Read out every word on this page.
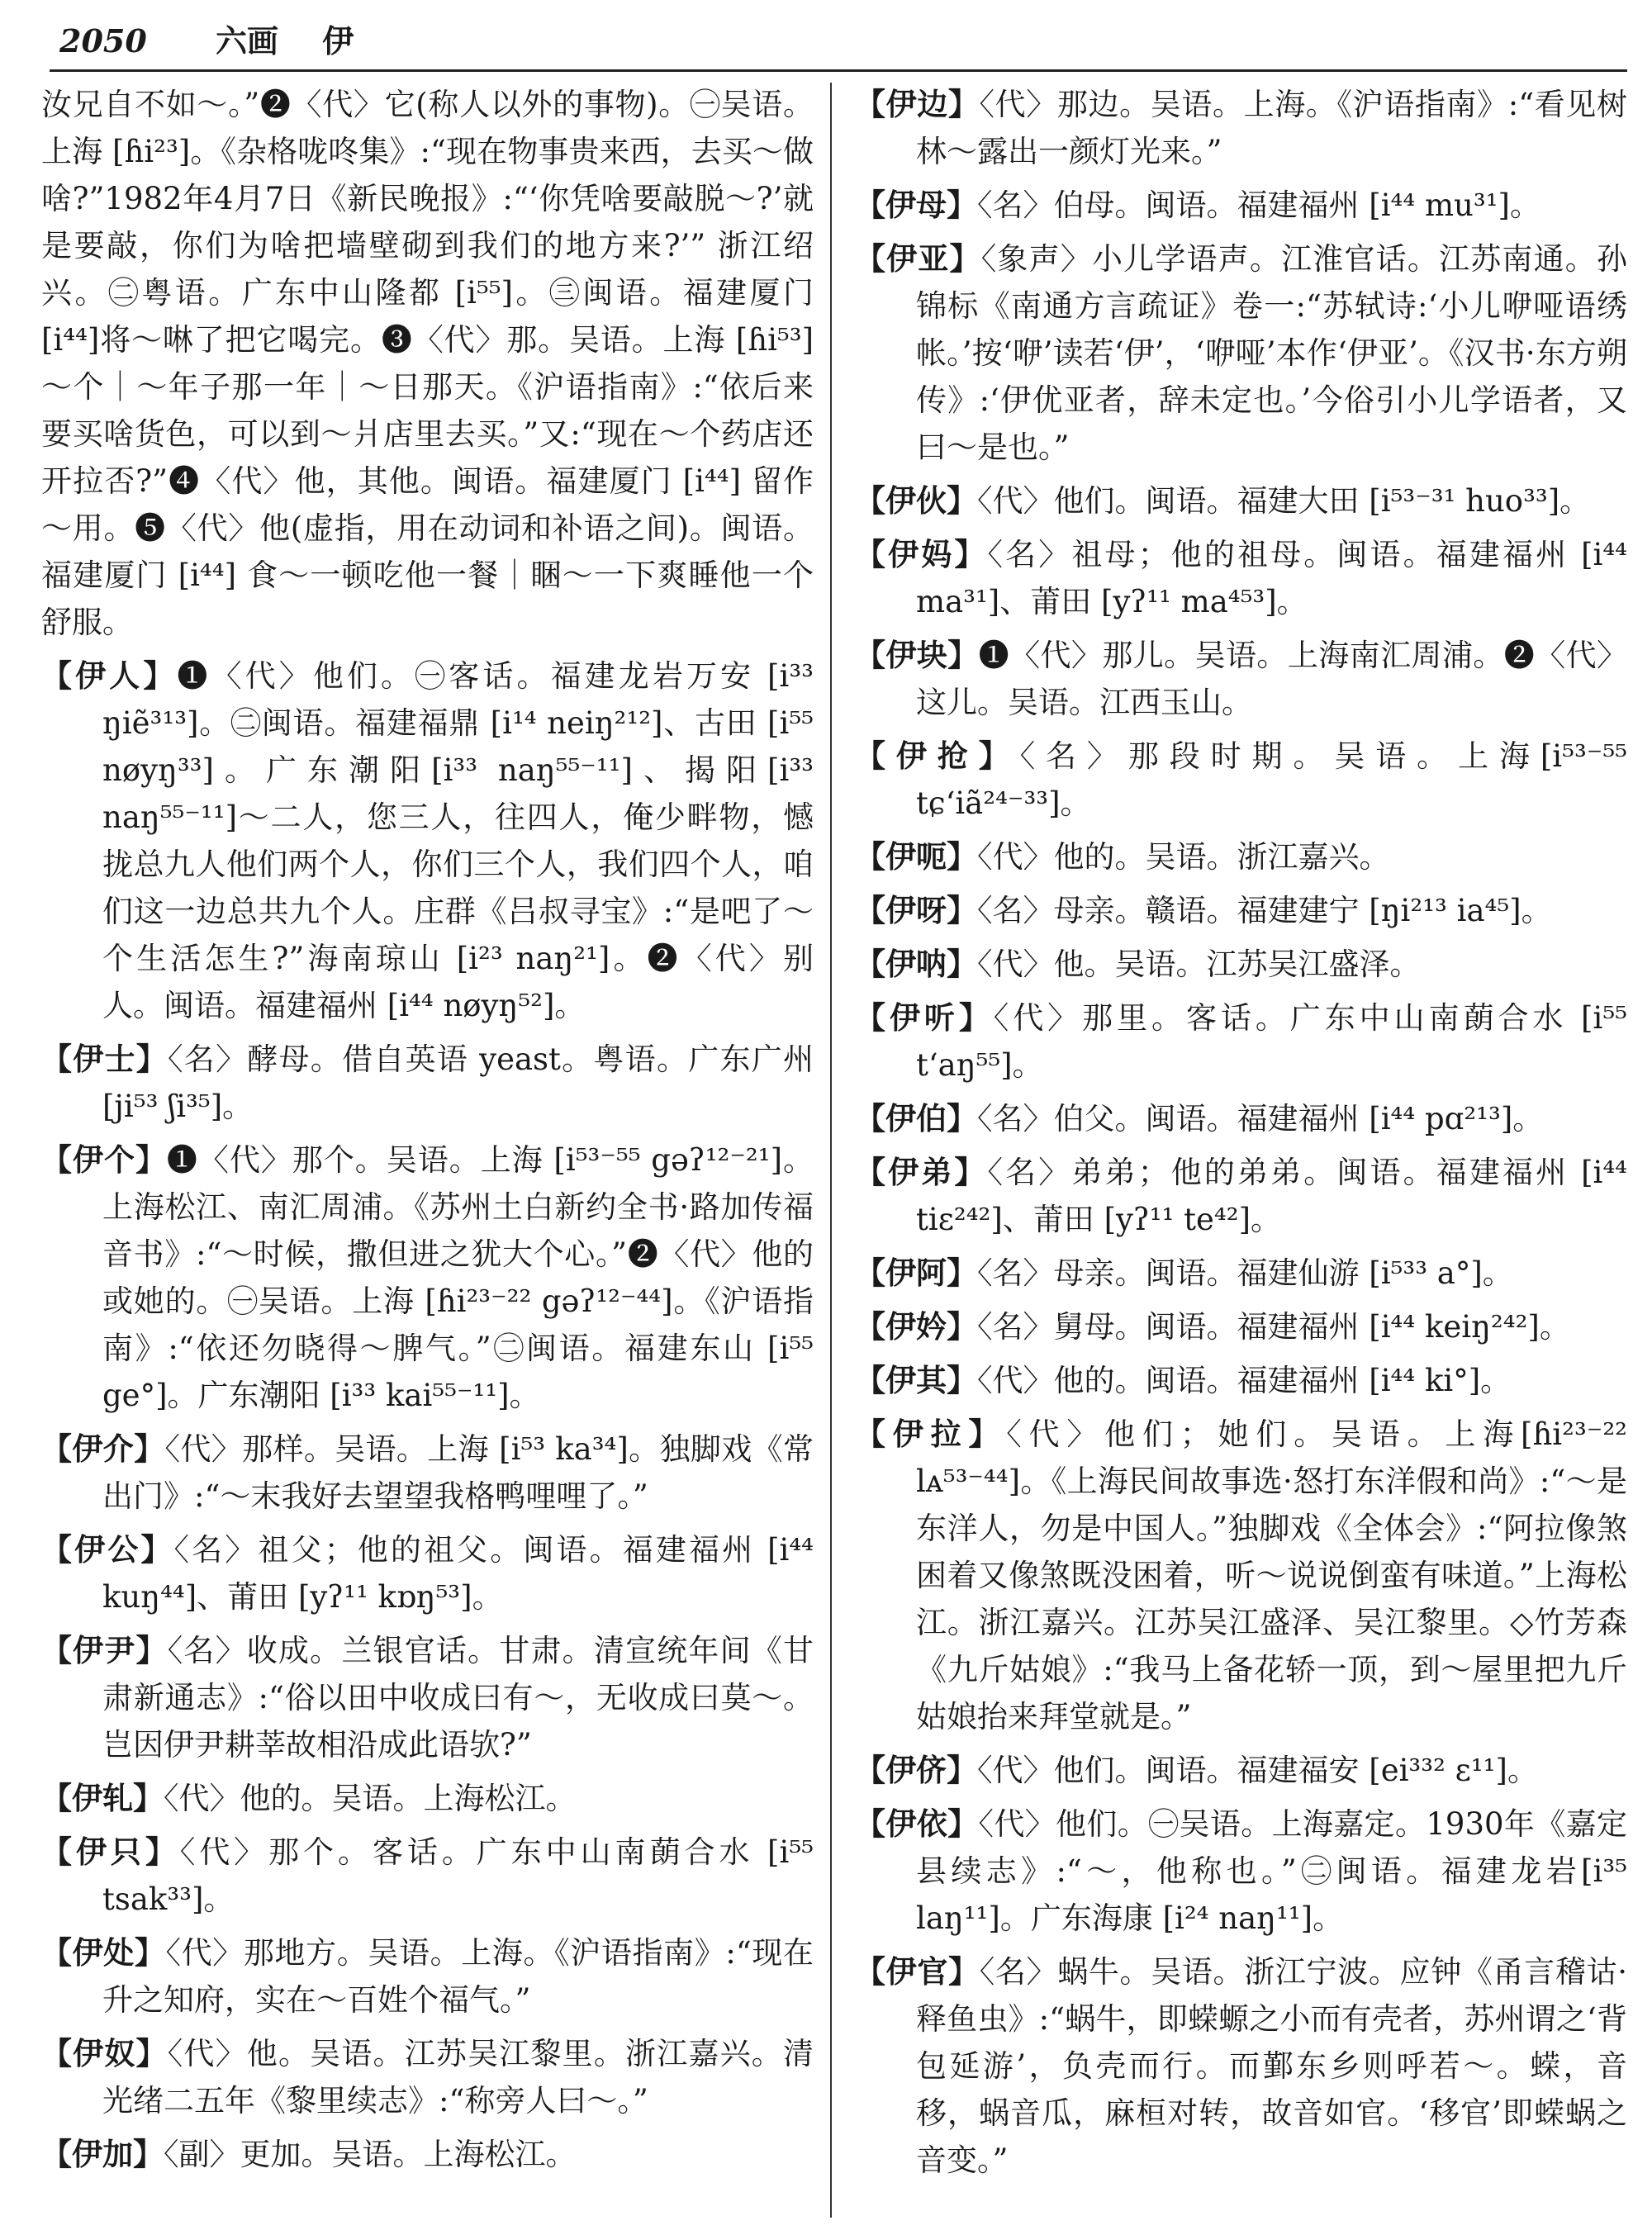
2050 六画 伊

汝兄自不如～。”❷〈代〉它(称人以外的事物)。㊀吴语。上海 [ɦi²³]。《杂格咙咚集》:“现在物事贵来西，去买～做啥?”1982年4月7日《新民晚报》:“‘你凭啥要敲脱～?’就是要敲，你们为啥把墙壁砌到我们的地方来?’” 浙江绍兴。㊁粤语。广东中山隆都 [i⁵⁵]。㊂闽语。福建厦门 [i⁴⁴]将～啉了把它喝完。❸〈代〉那。吴语。上海 [ɦi⁵³] ～个｜～年子那一年｜～日那天。《沪语指南》:“依后来要买啥货色，可以到～爿店里去买。”又:“现在～个药店还开拉否?”❹〈代〉他，其他。闽语。福建厦门 [i⁴⁴] 留作～用。❺〈代〉他(虚指，用在动词和补语之间)。闽语。福建厦门 [i⁴⁴] 食～一顿吃他一餐｜睏～一下爽睡他一个舒服。

【伊人】❶〈代〉他们。㊀客话。福建龙岩万安 [i³³ ŋiẽ³¹³]。㊁闽语。福建福鼎 [i¹⁴ neiŋ²¹²]、古田 [i⁵⁵ nøyŋ³³]。广东潮阳[i³³ naŋ⁵⁵⁻¹¹]、揭阳[i³³ naŋ⁵⁵⁻¹¹]～二人，您三人，往四人，俺少畔物，憾拢总九人他们两个人，你们三个人，我们四个人，咱们这一边总共九个人。庄群《吕叔寻宝》:“是吧了～个生活怎生?”海南琼山 [i²³ naŋ²¹]。❷〈代〉别人。闽语。福建福州 [i⁴⁴ nøyŋ⁵²]。

【伊士】〈名〉酵母。借自英语 yeast。粤语。广东广州 [ji⁵³ ʃi³⁵]。

【伊个】❶〈代〉那个。吴语。上海 [i⁵³⁻⁵⁵ gəʔ¹²⁻²¹]。上海松江、南汇周浦。《苏州土白新约全书·路加传福音书》:“～时候，撒但进之犹大个心。”❷〈代〉他的或她的。㊀吴语。上海 [ɦi²³⁻²² gəʔ¹²⁻⁴⁴]。《沪语指南》:“依还勿晓得～脾气。”㊁闽语。福建东山 [i⁵⁵ ge°]。广东潮阳 [i³³ kai⁵⁵⁻¹¹]。

【伊介】〈代〉那样。吴语。上海 [i⁵³ ka³⁴]。独脚戏《常出门》:“～末我好去望望我格鸭哩哩了。”

【伊公】〈名〉祖父；他的祖父。闽语。福建福州 [i⁴⁴ kuŋ⁴⁴]、莆田 [yʔ¹¹ kɒŋ⁵³]。

【伊尹】〈名〉收成。兰银官话。甘肃。清宣统年间《甘肃新通志》:“俗以田中收成曰有～，无收成曰莫～。岂因伊尹耕莘故相沿成此语欤?”

【伊轧】〈代〉他的。吴语。上海松江。

【伊只】〈代〉那个。客话。广东中山南蓢合水 [i⁵⁵ tsak³³]。

【伊处】〈代〉那地方。吴语。上海。《沪语指南》:“现在升之知府，实在～百姓个福气。”

【伊奴】〈代〉他。吴语。江苏吴江黎里。浙江嘉兴。清光绪二五年《黎里续志》:“称旁人曰～。”

【伊加】〈副〉更加。吴语。上海松江。

【伊边】〈代〉那边。吴语。上海。《沪语指南》:“看见树林～露出一颜灯光来。”

【伊母】〈名〉伯母。闽语。福建福州 [i⁴⁴ mu³¹]。

【伊亚】〈象声〉小儿学语声。江淮官话。江苏南通。孙锦标《南通方言疏证》卷一:“苏轼诗:‘小儿咿哑语绣帐。’按‘咿’读若‘伊’，‘咿哑’本作‘伊亚’。《汉书·东方朔传》:‘伊优亚者，辞未定也。’今俗引小儿学语者，又曰～是也。”

【伊伙】〈代〉他们。闽语。福建大田 [i⁵³⁻³¹ huo³³]。

【伊妈】〈名〉祖母；他的祖母。闽语。福建福州 [i⁴⁴ ma³¹]、莆田 [yʔ¹¹ ma⁴⁵³]。

【伊块】❶〈代〉那儿。吴语。上海南汇周浦。❷〈代〉这儿。吴语。江西玉山。

【伊抢】〈名〉那段时期。吴语。上海[i⁵³⁻⁵⁵ tɕʻiã²⁴⁻³³]。

【伊呃】〈代〉他的。吴语。浙江嘉兴。

【伊呀】〈名〉母亲。赣语。福建建宁 [ŋi²¹³ ia⁴⁵]。

【伊呐】〈代〉他。吴语。江苏吴江盛泽。

【伊听】〈代〉那里。客话。广东中山南蓢合水 [i⁵⁵ tʻaŋ⁵⁵]。

【伊伯】〈名〉伯父。闽语。福建福州 [i⁴⁴ pɑ²¹³]。

【伊弟】〈名〉弟弟；他的弟弟。闽语。福建福州 [i⁴⁴ tiɛ²⁴²]、莆田 [yʔ¹¹ te⁴²]。

【伊阿】〈名〉母亲。闽语。福建仙游 [i⁵³³ a°]。

【伊妗】〈名〉舅母。闽语。福建福州 [i⁴⁴ keiŋ²⁴²]。

【伊其】〈代〉他的。闽语。福建福州 [i⁴⁴ ki°]。

【伊拉】〈代〉他们；她们。吴语。上海[ɦi²³⁻²² lᴀ⁵³⁻⁴⁴]。《上海民间故事选·怒打东洋假和尚》:“～是东洋人，勿是中国人。”独脚戏《全体会》:“阿拉像煞困着又像煞既没困着，听～说说倒蛮有味道。”上海松江。浙江嘉兴。江苏吴江盛泽、吴江黎里。◇竹芳森《九斤姑娘》:“我马上备花轿一顶，到～屋里把九斤姑娘抬来拜堂就是。”

【伊侪】〈代〉他们。闽语。福建福安 [ei³³² ɛ¹¹]。

【伊依】〈代〉他们。㊀吴语。上海嘉定。1930年《嘉定县续志》:“～，他称也。”㊁闽语。福建龙岩[i³⁵ laŋ¹¹]。广东海康 [i²⁴ naŋ¹¹]。

【伊官】〈名〉蜗牛。吴语。浙江宁波。应钟《甬言稽诂·释鱼虫》:“蜗牛，即蝾螈之小而有壳者，苏州谓之‘背包延游’，负壳而行。而鄞东乡则呼若～。蝾，音移，蜗音瓜，麻桓对转，故音如官。‘移官’即蝾蜗之音变。”
